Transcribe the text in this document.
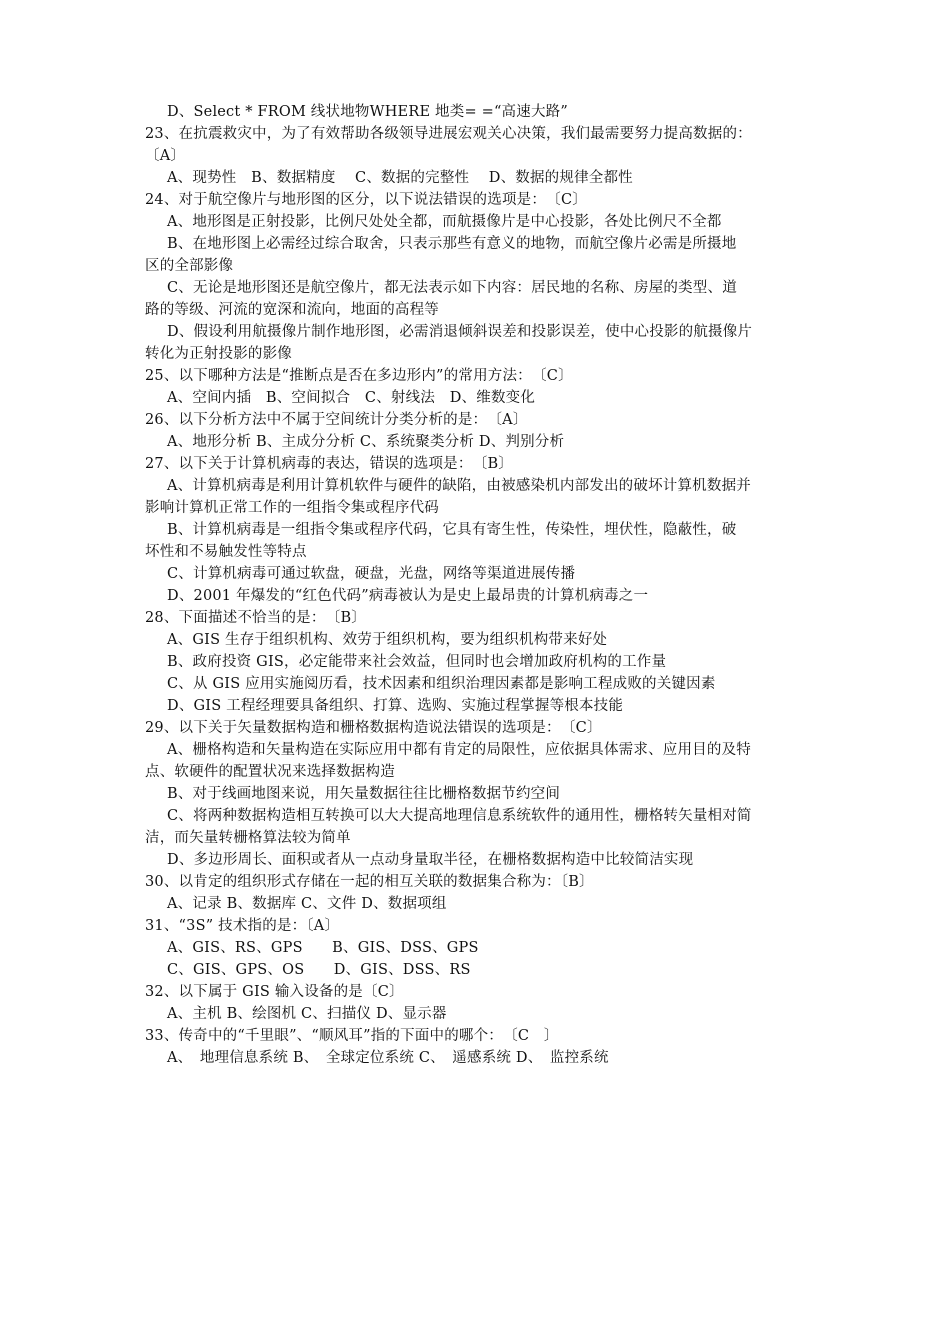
D、Select * FROM 线状地物WHERE 地类= =“高速大路”
23、在抗震救灾中，为了有效帮助各级领导进展宏观关心决策，我们最需要努力提高数据的：
〔A〕
A、现势性　B、数据精度　 C、数据的完整性　 D、数据的规律全都性
24、对于航空像片与地形图的区分，以下说法错误的选项是：　〔C〕
A、地形图是正射投影，比例尺处处全都，而航摄像片是中心投影，各处比例尺不全都
B、在地形图上必需经过综合取舍，只表示那些有意义的地物，而航空像片必需是所摄地
区的全部影像
C、无论是地形图还是航空像片，都无法表示如下内容：居民地的名称、房屋的类型、道
路的等级、河流的宽深和流向，地面的高程等
D、假设利用航摄像片制作地形图，必需消退倾斜误差和投影误差，使中心投影的航摄像片
转化为正射投影的影像
25、以下哪种方法是“推断点是否在多边形内”的常用方法：　〔C〕
A、空间内插　B、空间拟合　C、射线法　D、维数变化
26、以下分析方法中不属于空间统计分类分析的是：　〔A〕
A、地形分析 B、主成分分析 C、系统聚类分析 D、判别分析
27、以下关于计算机病毒的表达，错误的选项是：　〔B〕
A、计算机病毒是利用计算机软件与硬件的缺陷，由被感染机内部发出的破坏计算机数据并
影响计算机正常工作的一组指令集或程序代码
B、计算机病毒是一组指令集或程序代码，它具有寄生性，传染性，埋伏性，隐蔽性，破
坏性和不易触发性等特点
C、计算机病毒可通过软盘，硬盘，光盘，网络等渠道进展传播
D、2001 年爆发的“红色代码”病毒被认为是史上最昂贵的计算机病毒之一
28、下面描述不恰当的是：　〔B〕
A、GIS 生存于组织机构、效劳于组织机构，要为组织机构带来好处
B、政府投资 GIS，必定能带来社会效益，但同时也会增加政府机构的工作量
C、从 GIS 应用实施阅历看，技术因素和组织治理因素都是影响工程成败的关键因素
D、GIS 工程经理要具备组织、打算、选购、实施过程掌握等根本技能
29、以下关于矢量数据构造和栅格数据构造说法错误的选项是：　〔C〕
A、栅格构造和矢量构造在实际应用中都有肯定的局限性，应依据具体需求、应用目的及特
点、软硬件的配置状况来选择数据构造
B、对于线画地图来说，用矢量数据往往比栅格数据节约空间
C、将两种数据构造相互转换可以大大提高地理信息系统软件的通用性，栅格转矢量相对简
洁，而矢量转栅格算法较为简单
D、多边形周长、面积或者从一点动身量取半径，在栅格数据构造中比较简洁实现
30、以肯定的组织形式存储在一起的相互关联的数据集合称为：〔B〕
A、记录 B、数据库 C、文件 D、数据项组
31、“3S” 技术指的是：〔A〕
A、GIS、RS、GPS　　B、GIS、DSS、GPS
C、GIS、GPS、OS　　D、GIS、DSS、RS
32、以下属于 GIS 输入设备的是〔C〕
A、主机 B、绘图机 C、扫描仪 D、显示器
33、传奇中的“千里眼”、“顺风耳”指的下面中的哪个：　〔C　〕
A、　地理信息系统 B、　全球定位系统 C、　遥感系统 D、　监控系统
